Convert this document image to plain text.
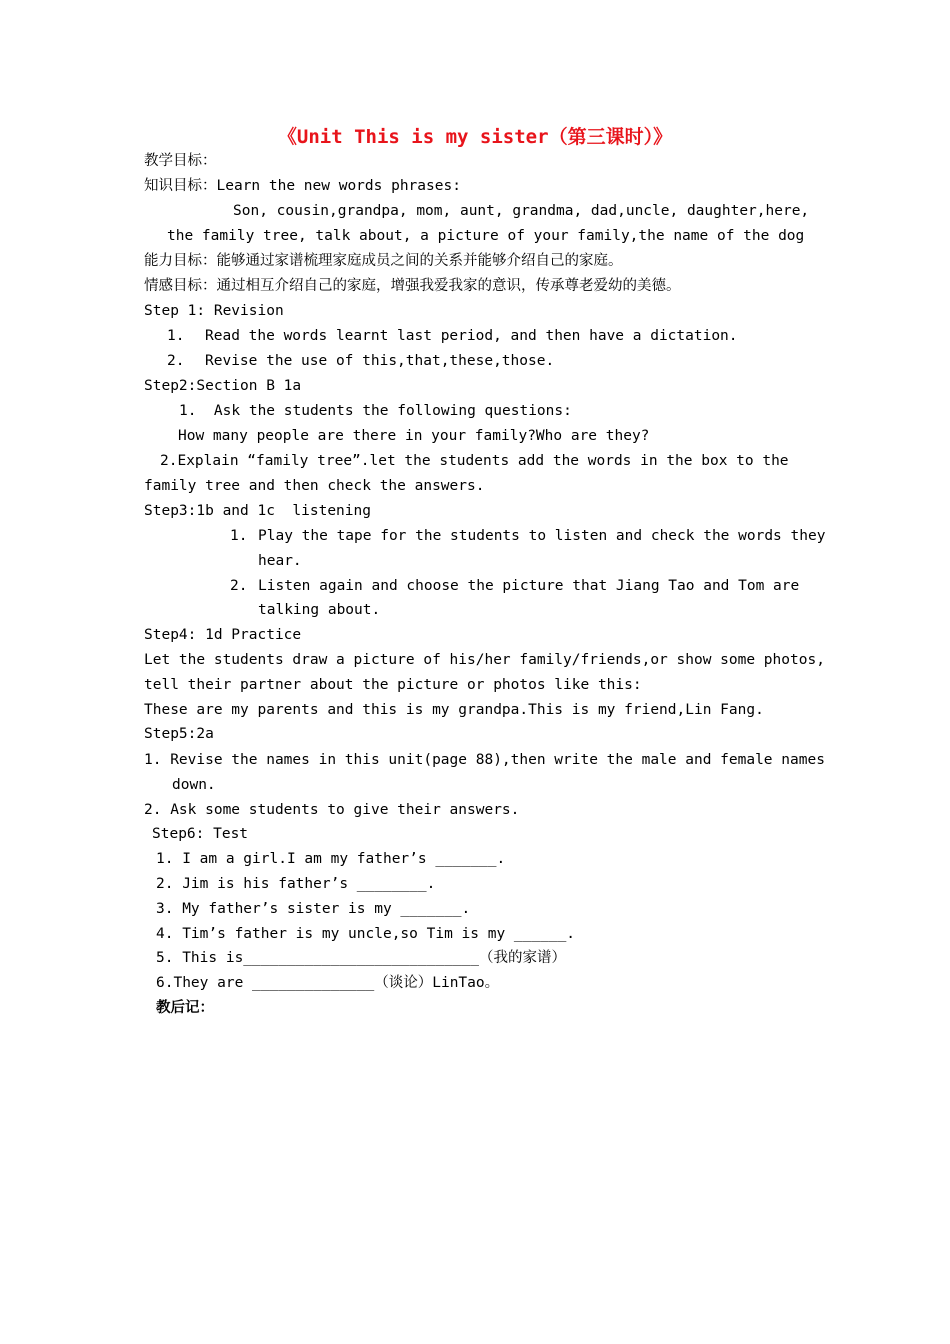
《Unit This is my sister（第三课时）》
教学目标：
知识目标：Learn the new words phrases:
Son, cousin,grandpa, mom, aunt, grandma, dad,uncle, daughter,here,
the family tree, talk about, a picture of your family,the name of the dog
能力目标：能够通过家谱梳理家庭成员之间的关系并能够介绍自己的家庭。
情感目标：通过相互介绍自己的家庭，增强我爱我家的意识，传承尊老爱幼的美德。
Step 1: Revision
1. Read the words learnt last period, and then have a dictation.
2. Revise the use of this,that,these,those.
Step2:Section B 1a
1.  Ask the students the following questions:
How many people are there in your family?Who are they?
2.Explain “family tree”.let the students add the words in the box to the
family tree and then check the answers.
Step3:1b and 1c  listening
1. Play the tape for the students to listen and check the words they
hear.
2. Listen again and choose the picture that Jiang Tao and Tom are
talking about.
Step4: 1d Practice
Let the students draw a picture of his/her family/friends,or show some photos,
tell their partner about the picture or photos like this:
These are my parents and this is my grandpa.This is my friend,Lin Fang.
Step5:2a
1. Revise the names in this unit(page 88),then write the male and female names
down.
2. Ask some students to give their answers.
Step6: Test
1. I am a girl.I am my father’s _______.
2. Jim is his father’s ________.
3. My father’s sister is my _______.
4. Tim’s father is my uncle,so Tim is my ______.
5. This is___________________________（我的家谱）
6.They are ______________（谈论）LinTao。
教后记：
